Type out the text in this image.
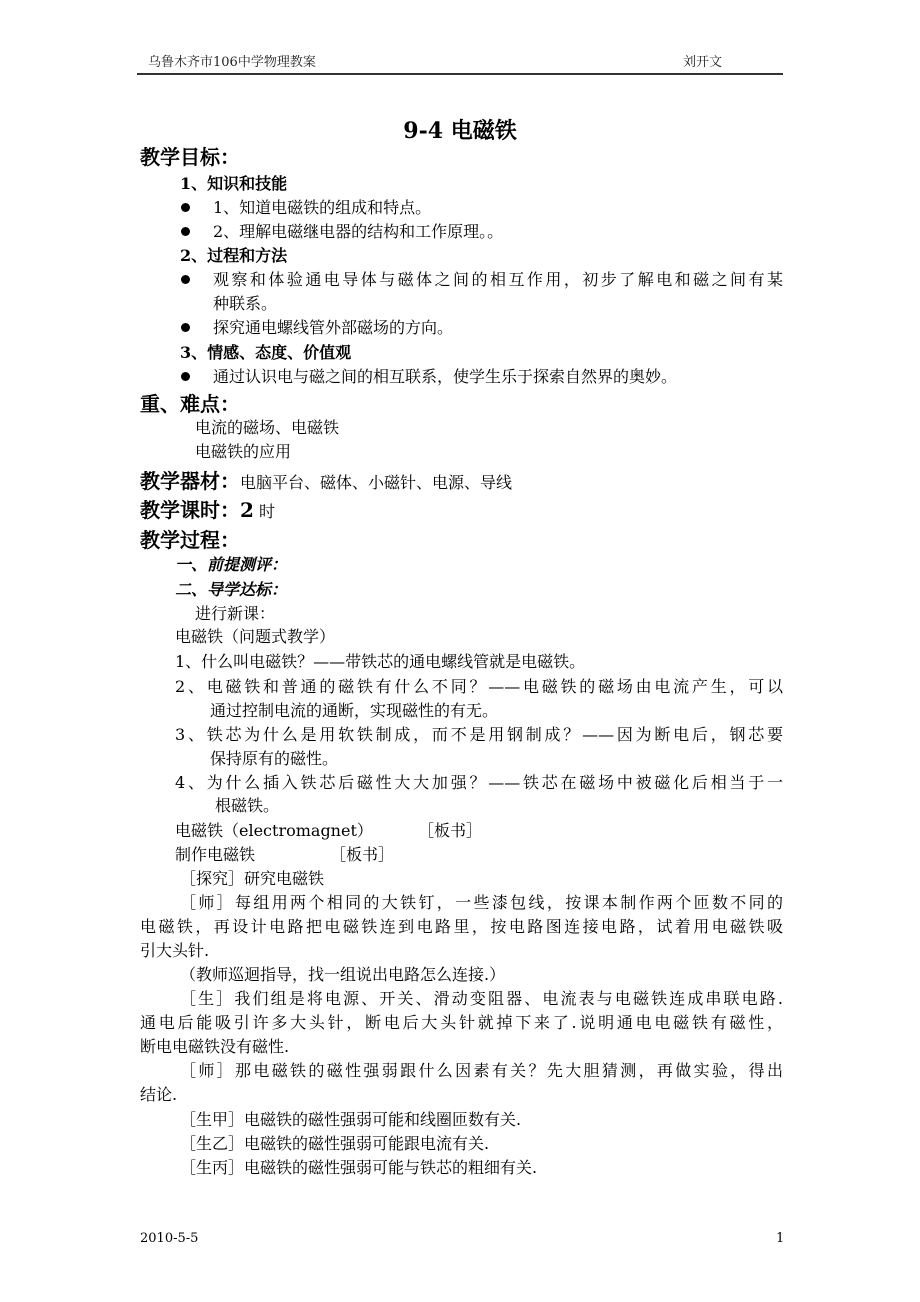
乌鲁木齐市106中学物理教案	刘开文
9-4 电磁铁
教学目标：
1、知识和技能
1、知道电磁铁的组成和特点。
2、理解电磁继电器的结构和工作原理。。
2、过程和方法
观察和体验通电导体与磁体之间的相互作用，初步了解电和磁之间有某
种联系。
探究通电螺线管外部磁场的方向。
3、情感、态度、价值观
通过认识电与磁之间的相互联系，使学生乐于探索自然界的奥妙。
重、难点：
电流的磁场、电磁铁
电磁铁的应用
教学器材：电脑平台、磁体、小磁针、电源、导线
教学课时：2 时
教学过程：
一、前提测评：
二、导学达标：
进行新课：
电磁铁（问题式教学）
1、什么叫电磁铁？——带铁芯的通电螺线管就是电磁铁。
2、电磁铁和普通的磁铁有什么不同？——电磁铁的磁场由电流产生，可以
通过控制电流的通断，实现磁性的有无。
3、铁芯为什么是用软铁制成，而不是用钢制成？——因为断电后，钢芯要
保持原有的磁性。
4、为什么插入铁芯后磁性大大加强？——铁芯在磁场中被磁化后相当于一
根磁铁。
电磁铁（electromagnet）	［板书］
制作电磁铁	［板书］
［探究］研究电磁铁
［师］每组用两个相同的大铁钉，一些漆包线，按课本制作两个匝数不同的
电磁铁，再设计电路把电磁铁连到电路里，按电路图连接电路，试着用电磁铁吸
引大头针.
（教师巡迴指导，找一组说出电路怎么连接.）
［生］我们组是将电源、开关、滑动变阻器、电流表与电磁铁连成串联电路.
通电后能吸引许多大头针，断电后大头针就掉下来了.说明通电电磁铁有磁性，
断电电磁铁没有磁性.
［师］那电磁铁的磁性强弱跟什么因素有关？先大胆猜测，再做实验，得出
结论.
［生甲］电磁铁的磁性强弱可能和线圈匝数有关.
［生乙］电磁铁的磁性强弱可能跟电流有关.
［生丙］电磁铁的磁性强弱可能与铁芯的粗细有关.
2010-5-5	1
